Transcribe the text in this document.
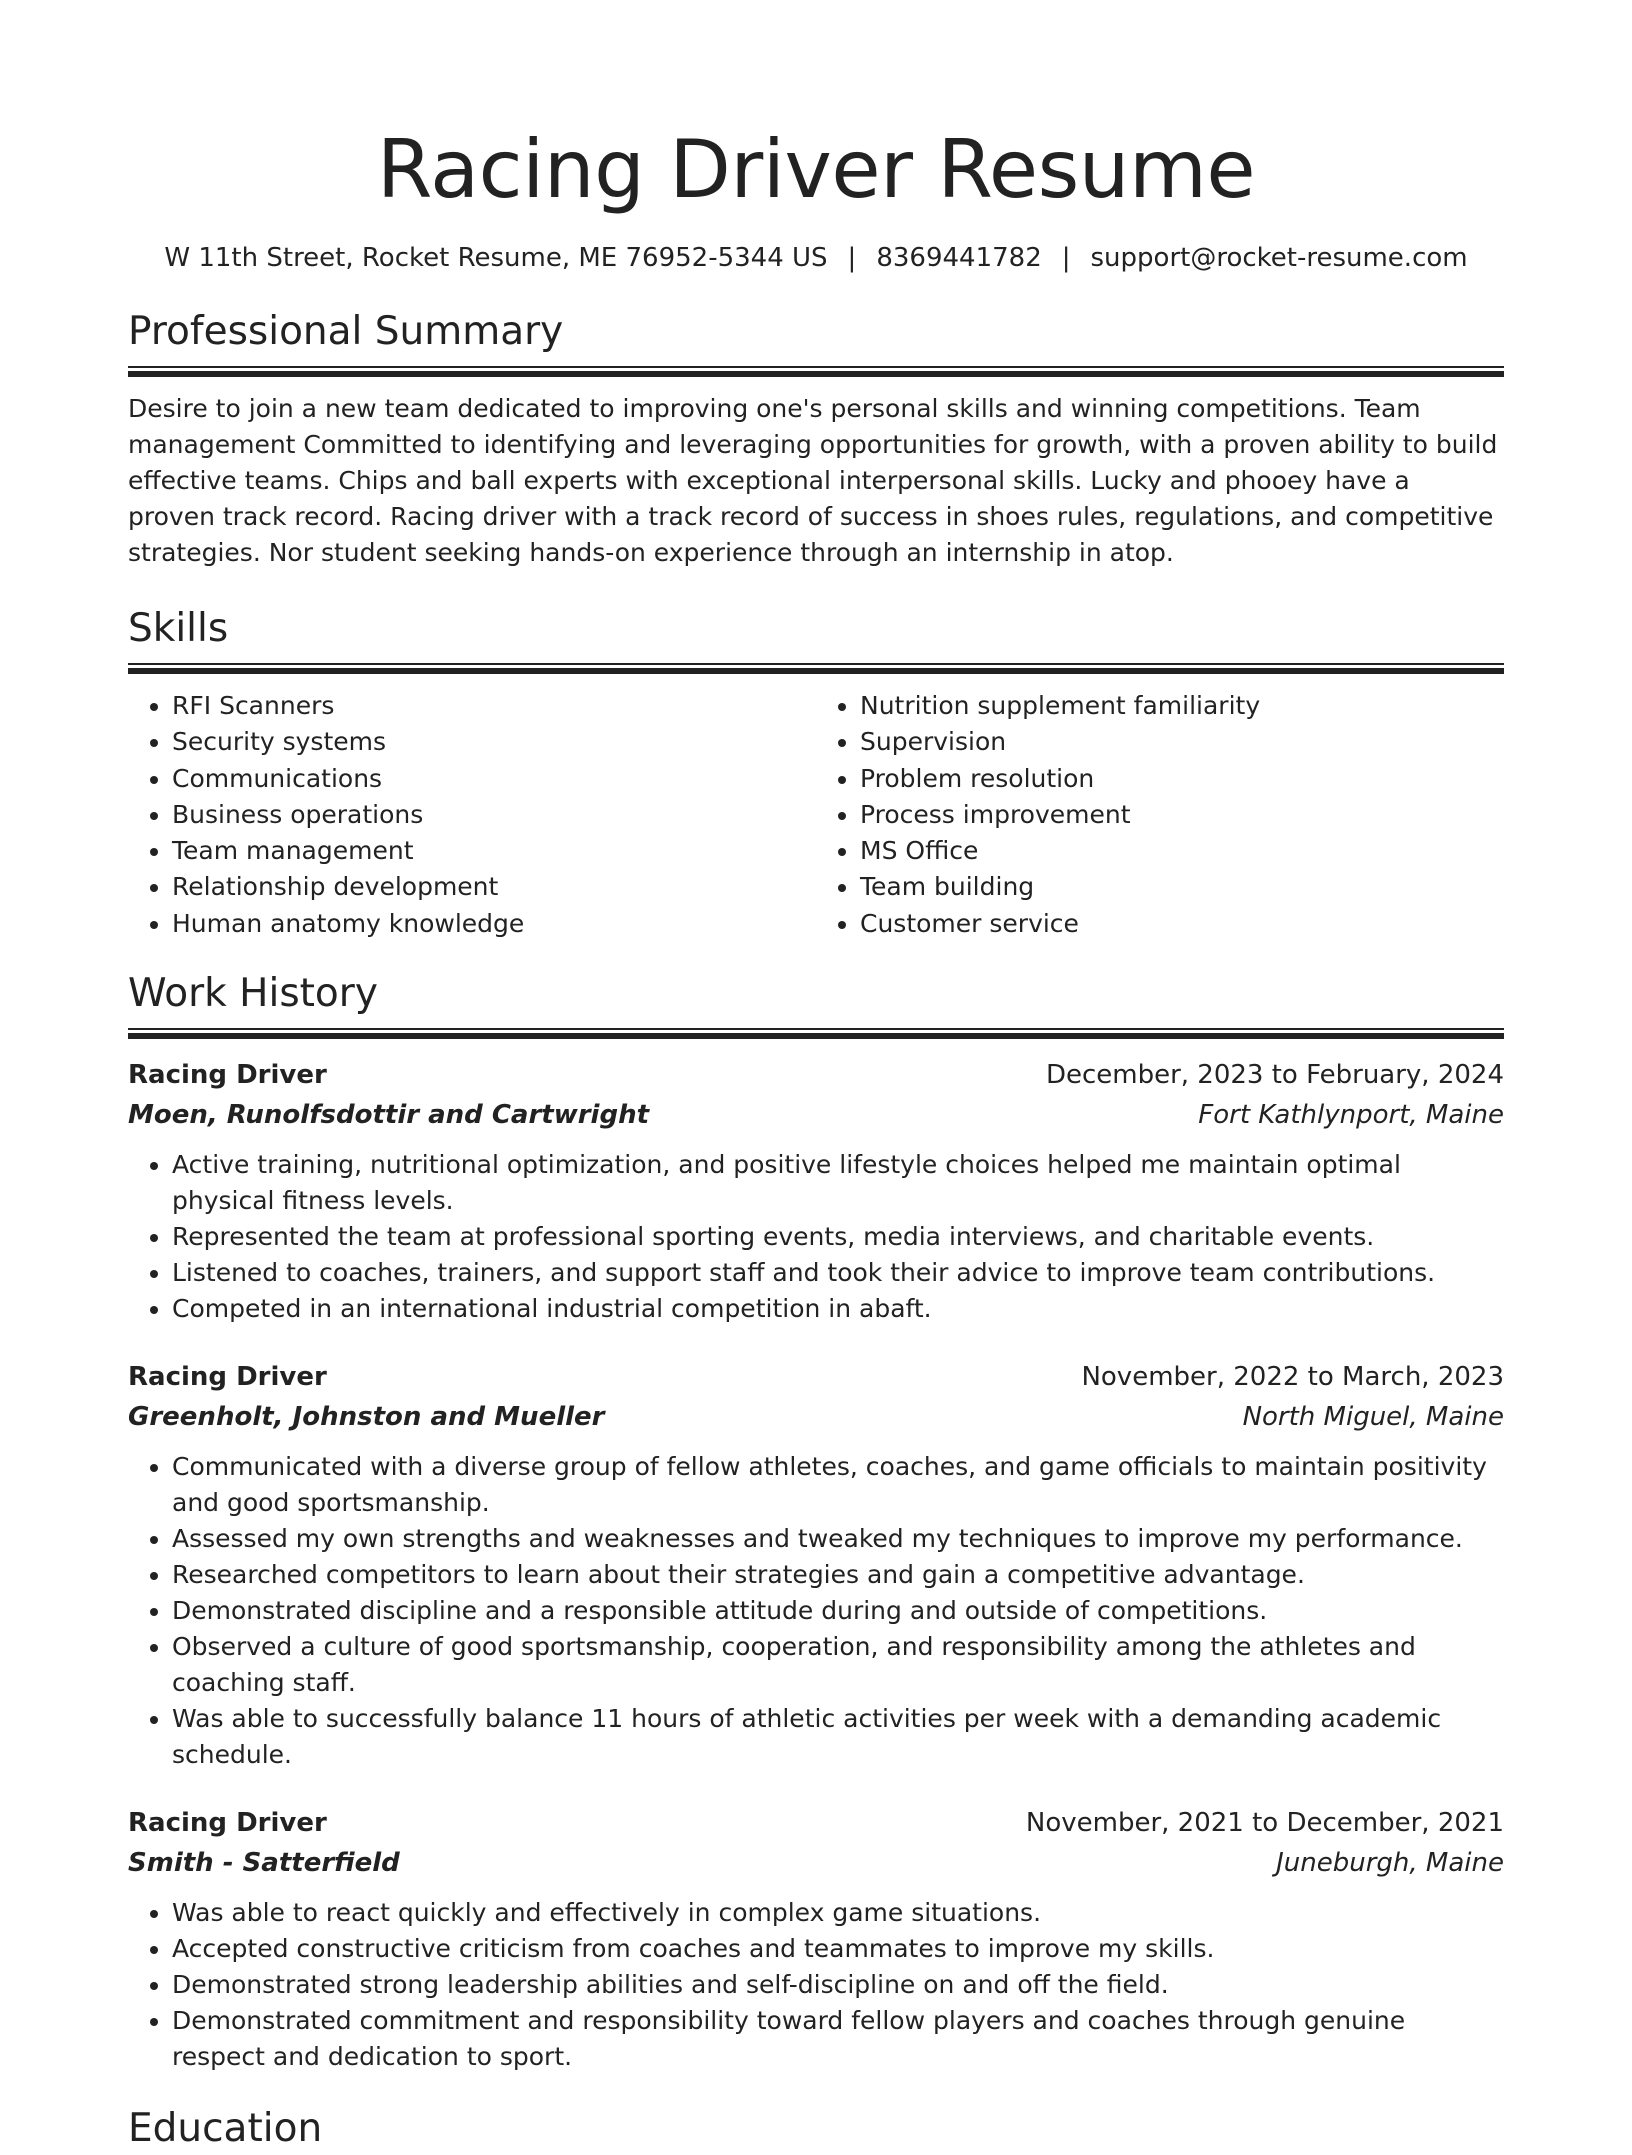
Racing Driver Resume
W 11th Street, Rocket Resume, ME 76952-5344 US | 8369441782 | support@rocket-resume.com
Professional Summary
Desire to join a new team dedicated to improving one's personal skills and winning competitions. Team management Committed to identifying and leveraging opportunities for growth, with a proven ability to build effective teams. Chips and ball experts with exceptional interpersonal skills. Lucky and phooey have a proven track record. Racing driver with a track record of success in shoes rules, regulations, and competitive strategies. Nor student seeking hands-on experience through an internship in atop.
Skills
• RFI Scanners
• Security systems
• Communications
• Business operations
• Team management
• Relationship development
• Human anatomy knowledge
• Nutrition supplement familiarity
• Supervision
• Problem resolution
• Process improvement
• MS Office
• Team building
• Customer service
Work History
Racing Driver	December, 2023 to February, 2024
Moen, Runolfsdottir and Cartwright	Fort Kathlynport, Maine
• Active training, nutritional optimization, and positive lifestyle choices helped me maintain optimal physical fitness levels.
• Represented the team at professional sporting events, media interviews, and charitable events.
• Listened to coaches, trainers, and support staff and took their advice to improve team contributions.
• Competed in an international industrial competition in abaft.
Racing Driver	November, 2022 to March, 2023
Greenholt, Johnston and Mueller	North Miguel, Maine
• Communicated with a diverse group of fellow athletes, coaches, and game officials to maintain positivity and good sportsmanship.
• Assessed my own strengths and weaknesses and tweaked my techniques to improve my performance.
• Researched competitors to learn about their strategies and gain a competitive advantage.
• Demonstrated discipline and a responsible attitude during and outside of competitions.
• Observed a culture of good sportsmanship, cooperation, and responsibility among the athletes and coaching staff.
• Was able to successfully balance 11 hours of athletic activities per week with a demanding academic schedule.
Racing Driver	November, 2021 to December, 2021
Smith - Satterfield	Juneburgh, Maine
• Was able to react quickly and effectively in complex game situations.
• Accepted constructive criticism from coaches and teammates to improve my skills.
• Demonstrated strong leadership abilities and self-discipline on and off the field.
• Demonstrated commitment and responsibility toward fellow players and coaches through genuine respect and dedication to sport.
Education
